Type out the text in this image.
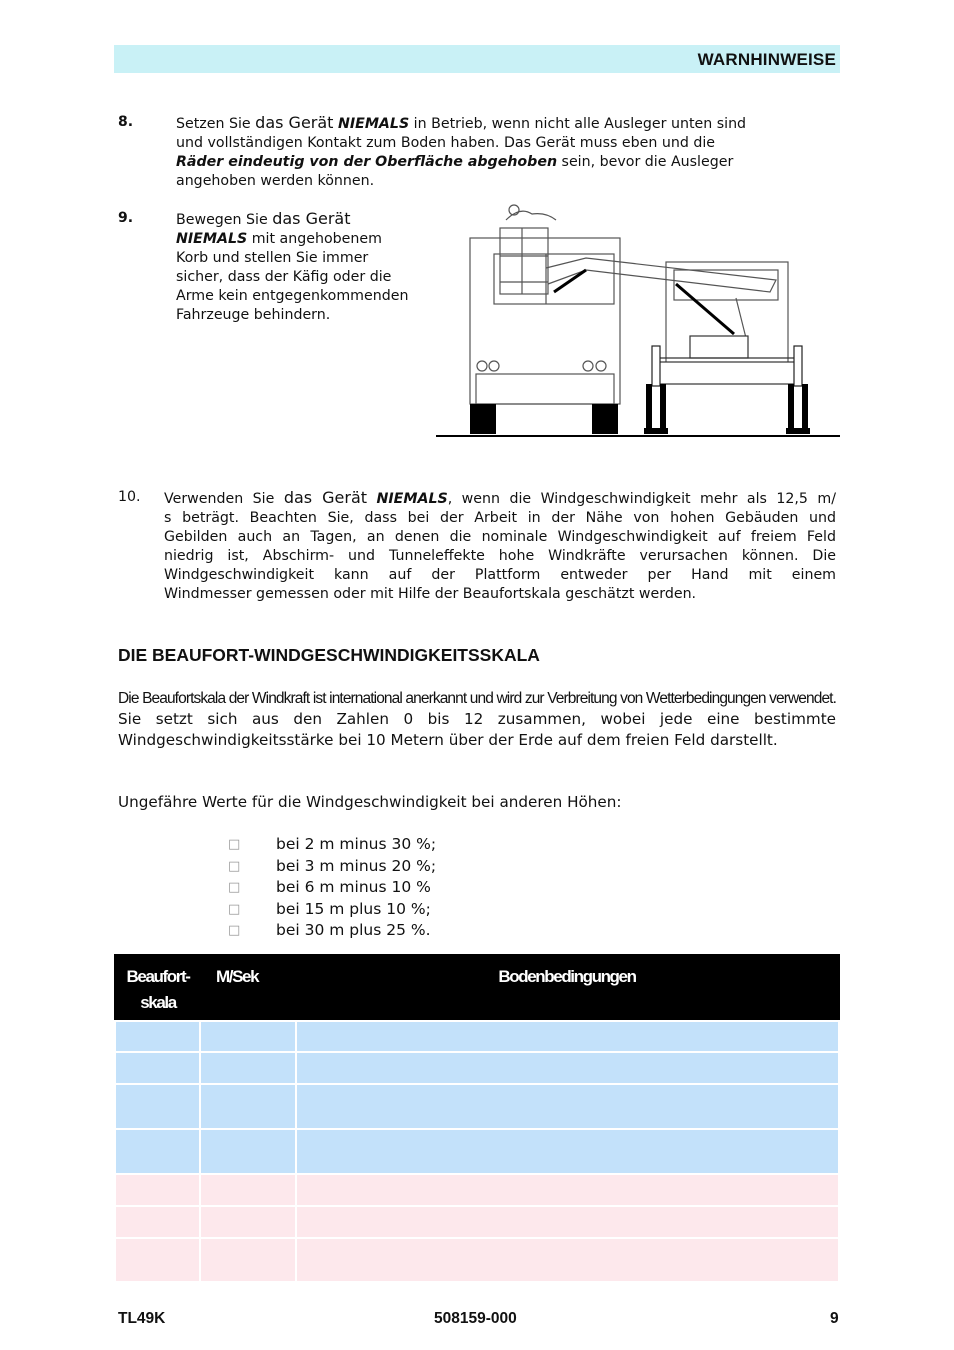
WARNHINWEISE
8.	Setzen Sie das Gerät NIEMALS in Betrieb, wenn nicht alle Ausleger unten sind
und vollständigen Kontakt zum Boden haben. Das Gerät muss eben und die
Räder eindeutig von der Oberfläche abgehoben sein, bevor die Ausleger
angehoben werden können.
9.	Bewegen Sie das Gerät
NIEMALS mit angehobenem
Korb und stellen Sie immer
sicher, dass der Käfig oder die
Arme kein entgegenkommenden
Fahrzeuge behindern.
10. Verwenden Sie das Gerät NIEMALS, wenn die Windgeschwindigkeit mehr als 12,5 m/
s beträgt. Beachten Sie, dass bei der Arbeit in der Nähe von hohen Gebäuden und
Gebilden auch an Tagen, an denen die nominale Windgeschwindigkeit auf freiem Feld
niedrig ist, Abschirm- und Tunneleffekte hohe Windkräfte verursachen können. Die
Windgeschwindigkeit kann auf der Plattform entweder per Hand mit einem
Windmesser gemessen oder mit Hilfe der Beaufortskala geschätzt werden.
DIE BEAUFORT-WINDGESCHWINDIGKEITSSKALA
Die Beaufortskala der Windkraft ist international anerkannt und wird zur Verbreitung von Wetterbedingungen verwendet. Sie setzt sich aus den Zahlen 0 bis 12 zusammen, wobei jede eine bestimmte Windgeschwindigkeitsstärke bei 10 Metern über der Erde auf dem freien Feld darstellt.
Ungefähre Werte für die Windgeschwindigkeit bei anderen Höhen:
□	bei 2 m minus 30 %;
□	bei 3 m minus 20 %;
□	bei 6 m minus 10 %
□	bei 15 m plus 10 %;
□	bei 30 m plus 25 %.
Beaufort-
skala	M/Sek	Bodenbedingungen

TL49K	508159-000	9
